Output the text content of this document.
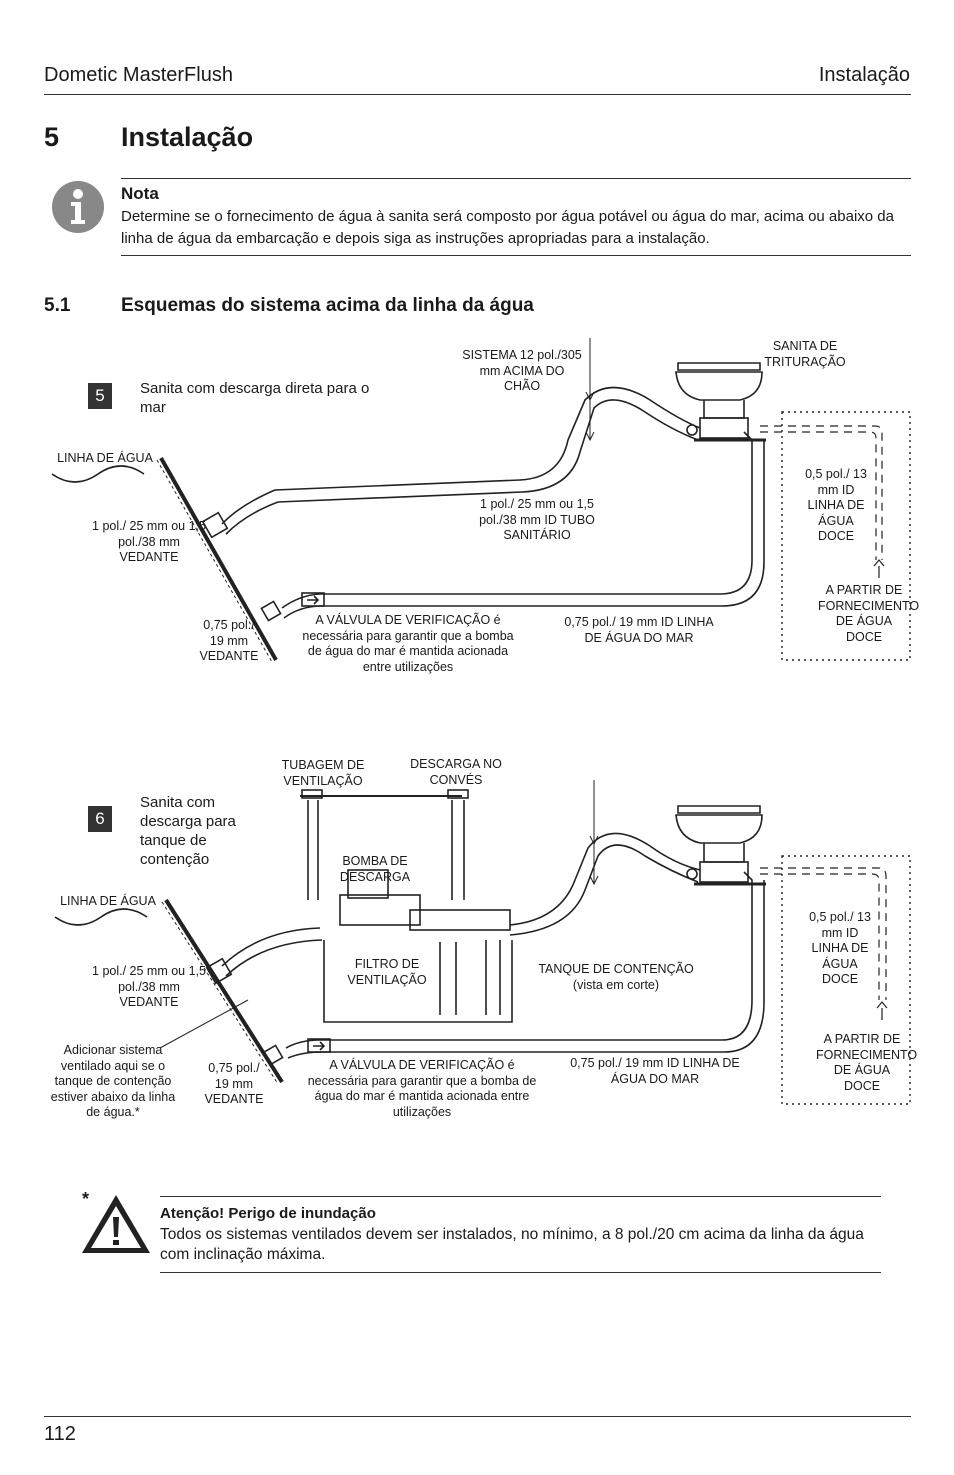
Dometic MasterFlush	Instalação
5 Instalação
Nota
Determine se o fornecimento de água à sanita será composto por água potável ou água do mar, acima ou abaixo da linha de água da embarcação e depois siga as instruções apropriadas para a instalação.
5.1	Esquemas do sistema acima da linha da água
5	Sanita com descarga direta para o mar
LINHA DE ÁGUA
SISTEMA 12 pol./305 mm ACIMA DO CHÃO
SANITA DE TRITURAÇÃO
1 pol./ 25 mm ou 1,5 pol./38 mm ID TUBO SANITÁRIO
1 pol./ 25 mm ou 1,5 pol./38 mm VEDANTE
0,75 pol./ 19 mm VEDANTE
A VÁLVULA DE VERIFICAÇÃO é necessária para garantir que a bomba de água do mar é mantida acionada entre utilizações
0,75 pol./ 19 mm ID LINHA DE ÁGUA DO MAR
0,5 pol./ 13 mm ID LINHA DE ÁGUA DOCE
A PARTIR DE FORNECIMENTO DE ÁGUA DOCE
6
Sanita com descarga para tanque de contenção
LINHA DE ÁGUA
TUBAGEM DE VENTILAÇÃO
DESCARGA NO CONVÉS
BOMBA DE DESCARGA
FILTRO DE VENTILAÇÃO
TANQUE DE CONTENÇÃO
(vista em corte)
1 pol./ 25 mm ou 1,5 pol./38 mm VEDANTE
0,75 pol./ 19 mm VEDANTE
Adicionar sistema ventilado aqui se o tanque de contenção estiver abaixo da linha de água.*
A VÁLVULA DE VERIFICAÇÃO é necessária para garantir que a bomba de água do mar é mantida acionada entre utilizações
0,75 pol./ 19 mm ID LINHA DE ÁGUA DO MAR
0,5 pol./ 13 mm ID LINHA DE ÁGUA DOCE
A PARTIR DE FORNECIMENTO DE ÁGUA DOCE
*
Atenção! Perigo de inundação
Todos os sistemas ventilados devem ser instalados, no mínimo, a 8 pol./20 cm acima da linha da água com inclinação máxima.
112
